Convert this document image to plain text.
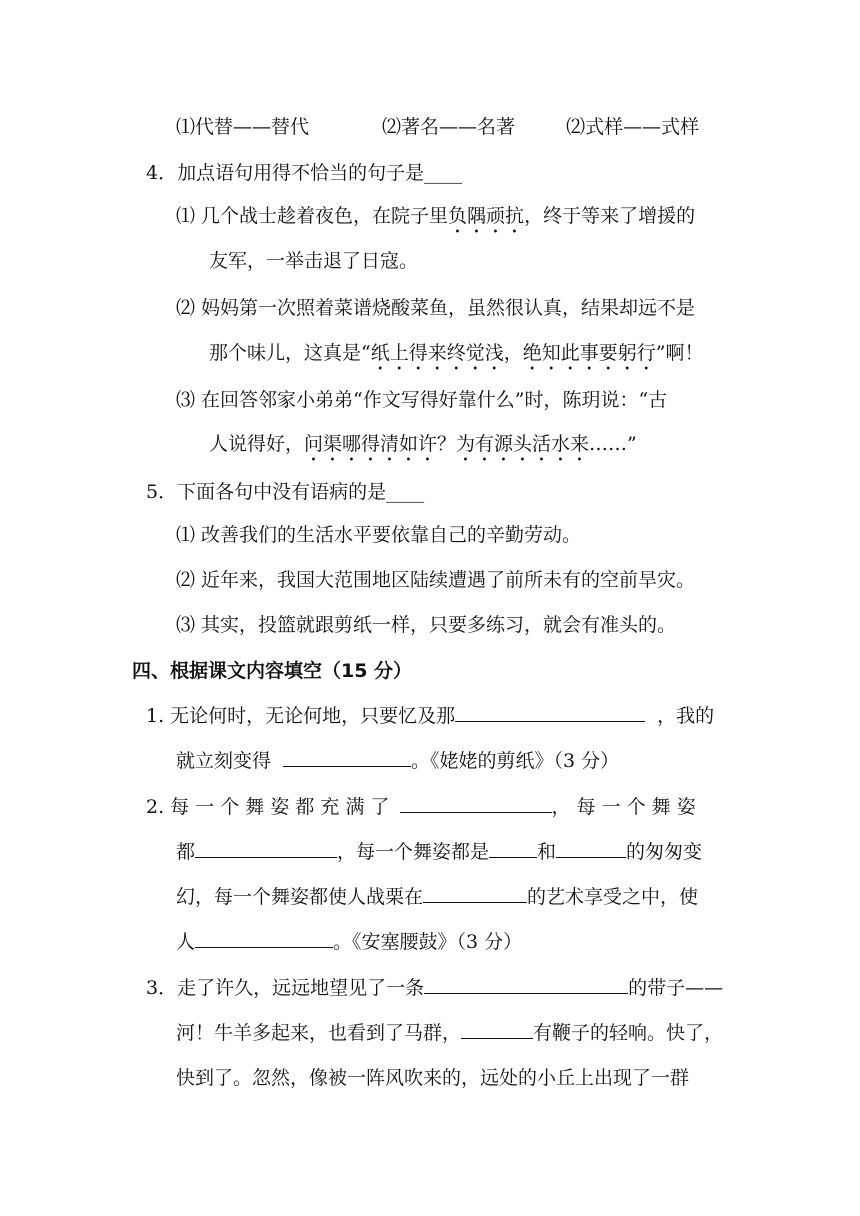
⑴代替——替代	⑵著名——名著	⑵式样——式样
4．加点语句用得不恰当的句子是____
⑴ 几个战士趁着夜色，在院子里负隅顽抗，终于等来了增援的
友军，一举击退了日寇。
⑵ 妈妈第一次照着菜谱烧酸菜鱼，虽然很认真，结果却远不是
那个味儿，这真是“纸上得来终觉浅，绝知此事要躬行”啊！
⑶ 在回答邻家小弟弟“作文写得好靠什么”时，陈玥说：“古
人说得好，问渠哪得清如许？为有源头活水来……”
5．下面各句中没有语病的是____
⑴ 改善我们的生活水平要依靠自己的辛勤劳动。
⑵ 近年来，我国大范围地区陆续遭遇了前所未有的空前旱灾。
⑶ 其实，投篮就跟剪纸一样，只要多练习，就会有准头的。
四、根据课文内容填空（15 分）
1. 无论何时，无论何地，只要忆及那	，我的
就立刻变得	。《姥姥的剪纸》（3 分）
2. 每 一 个 舞 姿 都 充 满 了	， 每 一 个 舞 姿
都	，每一个舞姿都是	和	的匆匆变
幻，每一个舞姿都使人战栗在	的艺术享受之中，使
人	。《安塞腰鼓》（3 分）
3．走了许久，远远地望见了一条	的带子——
河！牛羊多起来，也看到了马群，	有鞭子的轻响。快了，
快到了。忽然，像被一阵风吹来的，远处的小丘上出现了一群
